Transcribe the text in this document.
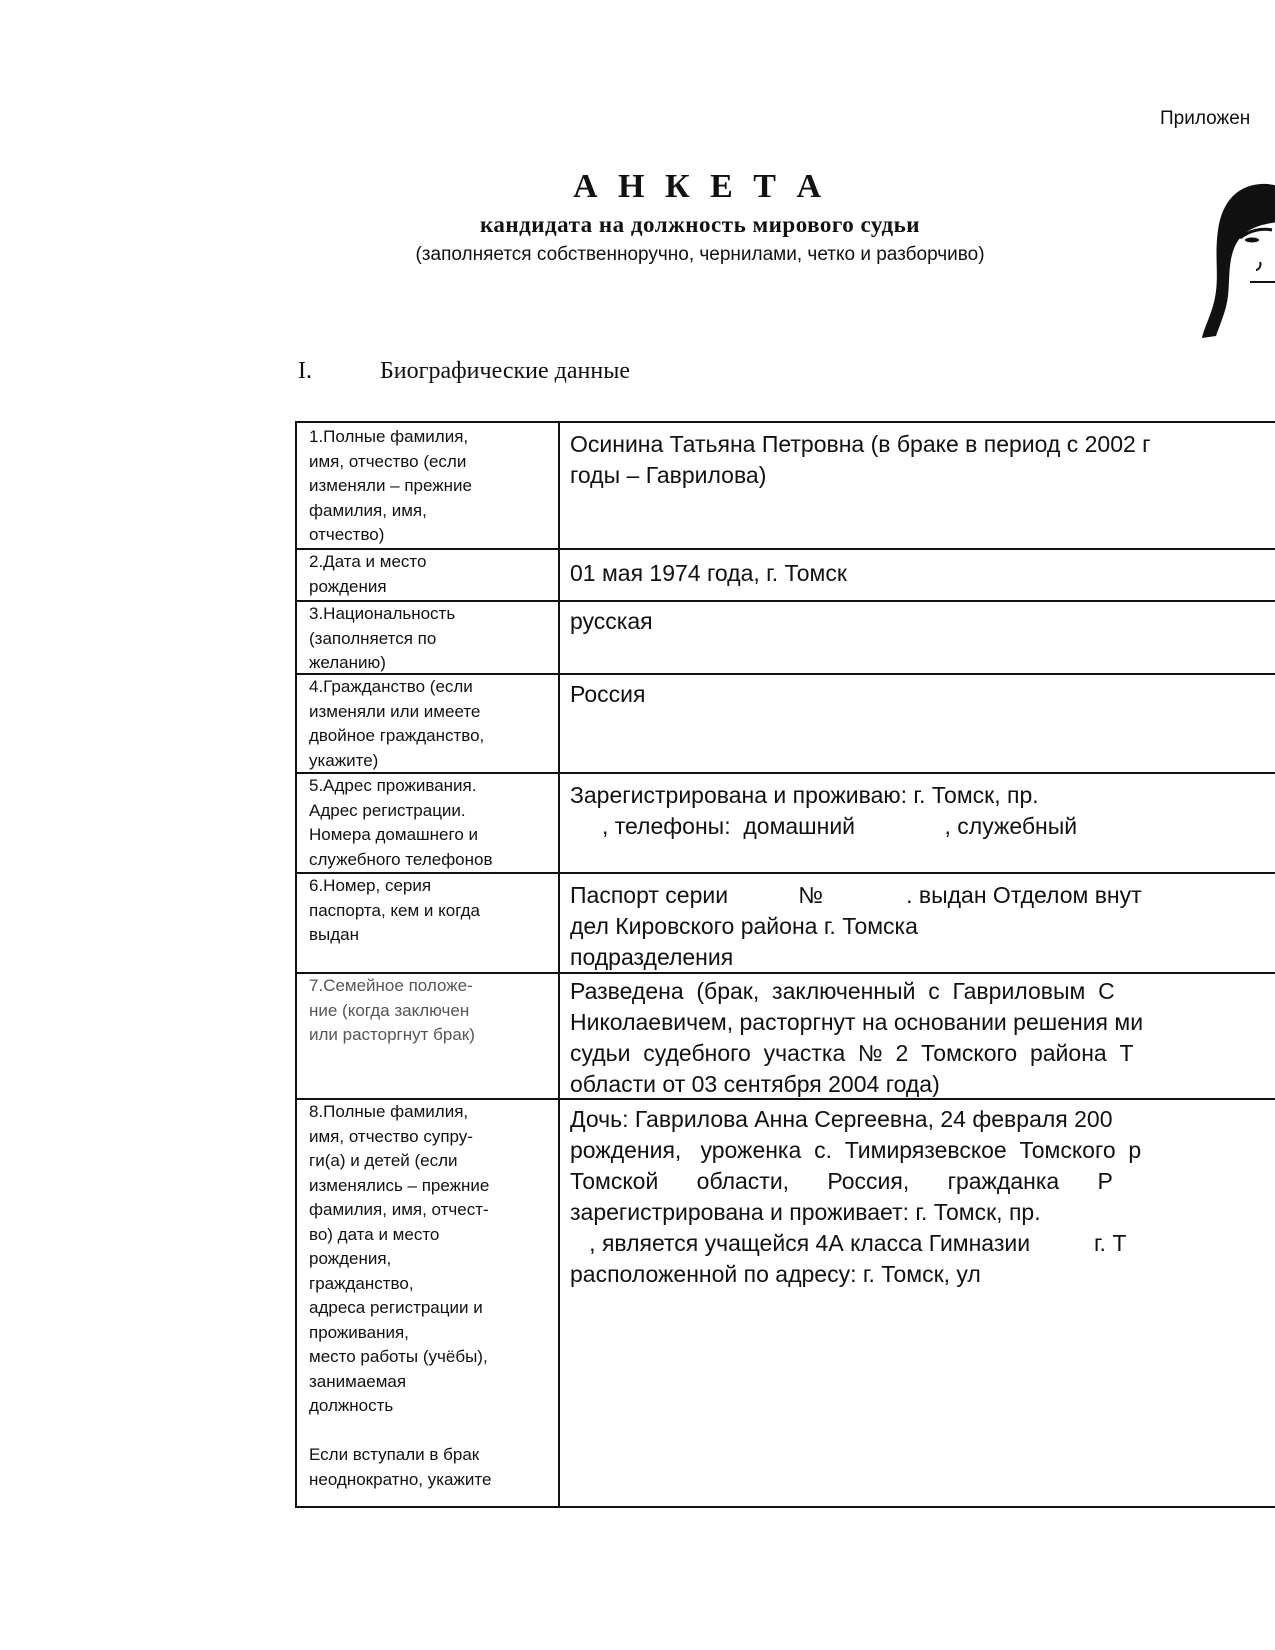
Приложен
А Н К Е Т А
кандидата на должность мирового судьи
(заполняется собственноручно, чернилами, четко и разборчиво)
I.	Биографические данные
1.Полные фамилия,
имя, отчество (если
изменяли – прежние
фамилия, имя,
отчество)
Осинина Татьяна Петровна (в браке в период с 2002 г
годы – Гаврилова)
2.Дата и место
рождения	01 мая 1974 года, г. Томск
3.Национальность
(заполняется по
желанию)
русская
4.Гражданство (если
изменяли или имеете
двойное гражданство,
укажите)
Россия
5.Адрес проживания.
Адрес регистрации.
Номера домашнего и
служебного телефонов
Зарегистрирована и проживаю: г. Томск, пр.
, телефоны:  домашний              , служебный
6.Номер, серия
паспорта, кем и когда
выдан
Паспорт серии           №             . выдан Отделом внут
дел Кировского района г. Томска
подразделения
7.Семейное положе-
ние (когда заключен
или расторгнут брак)
Разведена  (брак,  заключенный  с  Гавриловым  С
Николаевичем, расторгнут на основании решения ми
судьи  судебного  участка  №  2  Томского  района  Т
области от 03 сентября 2004 года)
8.Полные фамилия,
имя, отчество супру-
ги(а) и детей (если
изменялись – прежние
фамилия, имя, отчест-
во) дата и место
рождения,
гражданство,
адреса регистрации и
проживания,
место работы (учёбы),
занимаемая
должность

Если вступали в брак
неоднократно, укажите
Дочь: Гаврилова Анна Сергеевна, 24 февраля 200
рождения,   уроженка  с.  Тимирязевское  Томского  р
Томской      области,      Россия,      гражданка      Р
зарегистрирована и проживает: г. Томск, пр.
, является учащейся 4А класса Гимназии          г. Т
расположенной по адресу: г. Томск, ул
